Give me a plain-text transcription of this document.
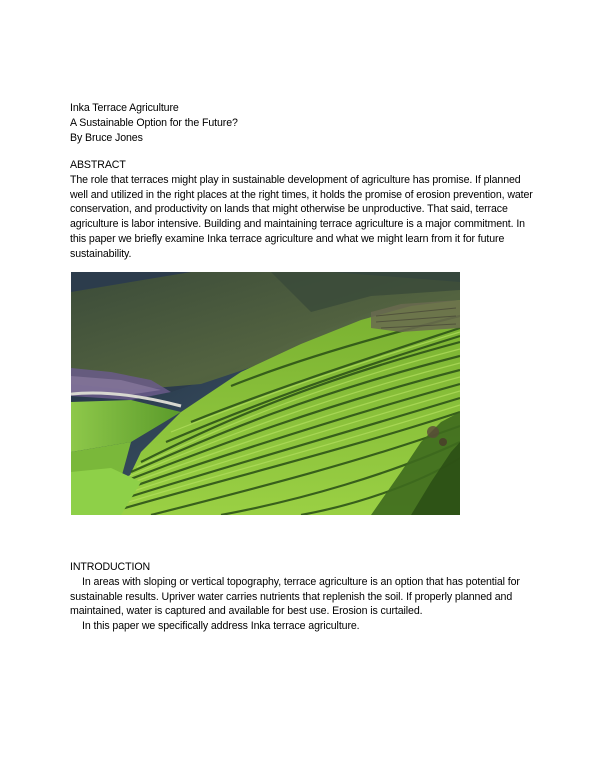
Inka Terrace Agriculture
A Sustainable Option for the Future?
By Bruce Jones
ABSTRACT

The role that terraces might play in sustainable development of agriculture has promise. If planned well and utilized in the right places at the right times, it holds the promise of erosion prevention, water conservation, and productivity on lands that might otherwise be unproductive. That said, terrace agriculture is labor intensive. Building and maintaining terrace agriculture is a major commitment. In this paper we briefly examine Inka terrace agriculture and what we might learn from it for future sustainability.

INTRODUCTION

In areas with sloping or vertical topography, terrace agriculture is an option that has potential for sustainable results. Upriver water carries nutrients that replenish the soil. If properly planned and maintained, water is captured and available for best use. Erosion is curtailed.

In this paper we specifically address Inka terrace agriculture.
